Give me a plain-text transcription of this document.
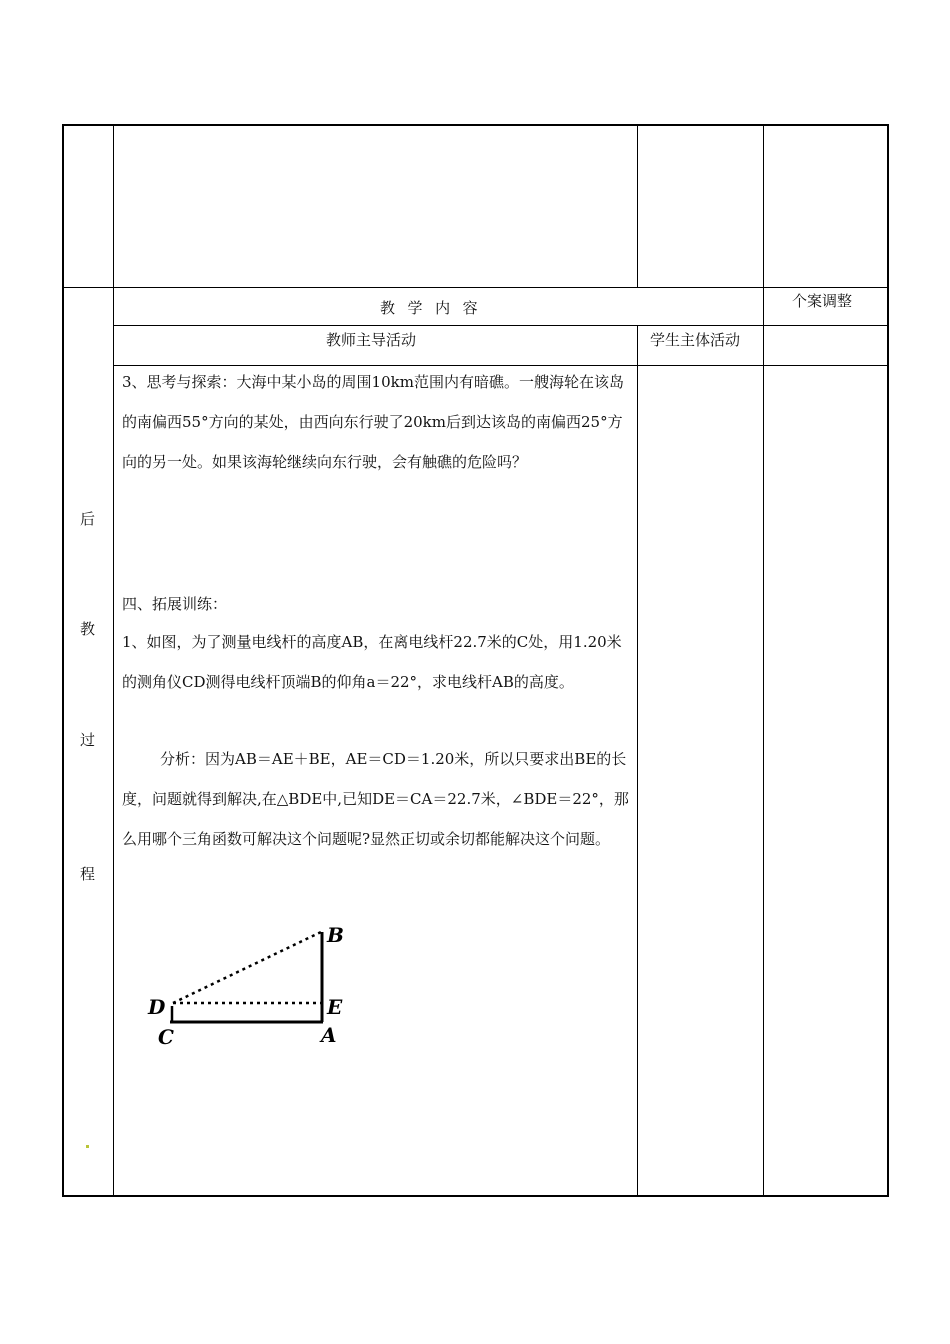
教  学  内  容	个案调整
教师主导活动	学生主体活动
后
教
过
程
3、思考与探索：大海中某小岛的周围10km范围内有暗礁。一艘海轮在该岛的南偏西55°方向的某处，由西向东行驶了20km后到达该岛的南偏西25°方向的另一处。如果该海轮继续向东行驶，会有触礁的危险吗？
四、拓展训练：
1、如图，为了测量电线杆的高度AB，在离电线杆22.7米的C处，用1.20米的测角仪CD测得电线杆顶端B的仰角a＝22°，求电线杆AB的高度。
分析：因为AB＝AE＋BE，AE＝CD＝1.20米，所以只要求出BE的长度，问题就得到解决,在△BDE中,已知DE＝CA＝22.7米，∠BDE＝22°，那么用哪个三角函数可解决这个问题呢?显然正切或余切都能解决这个问题。
B
D	E
C	A
